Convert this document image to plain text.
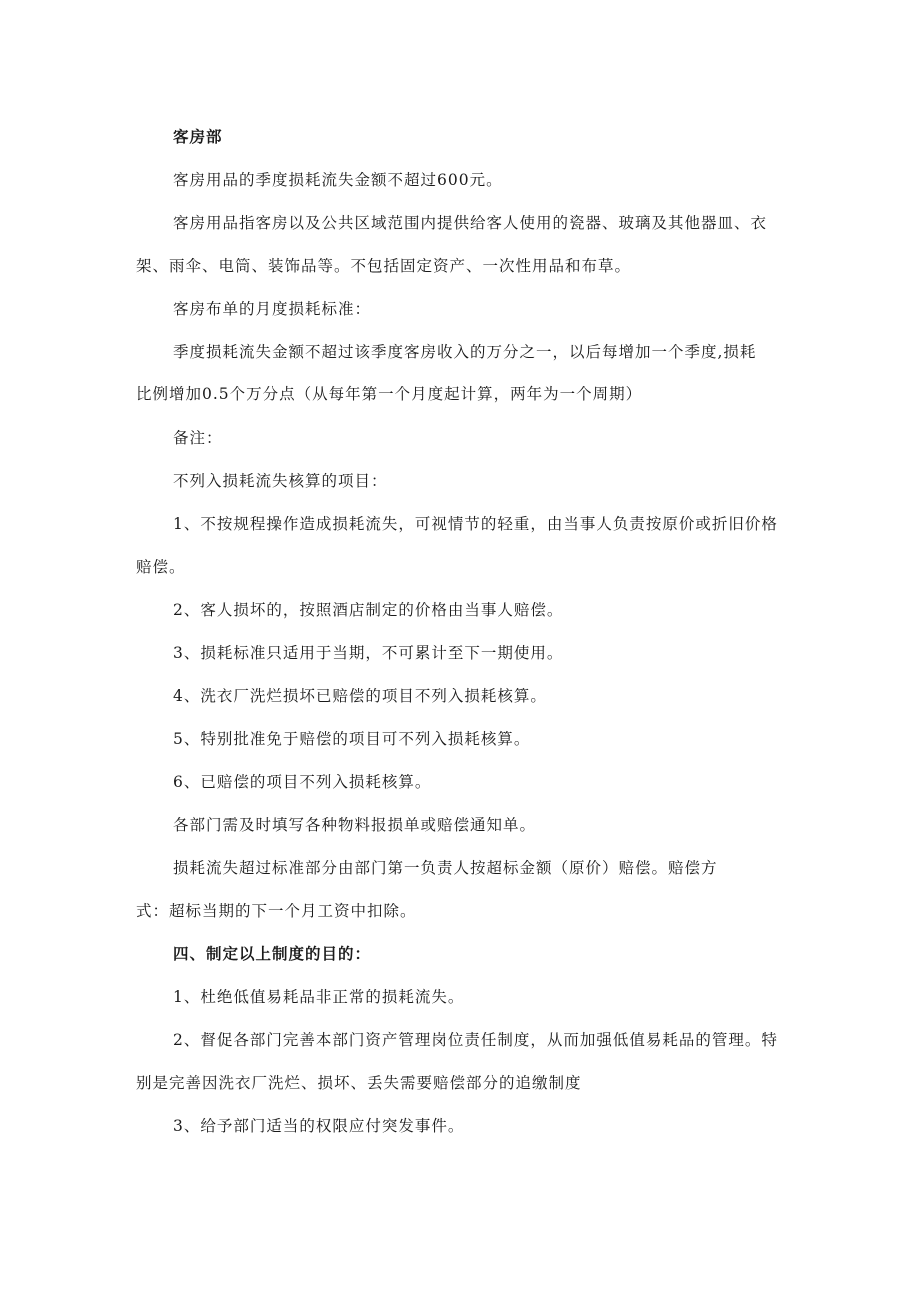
客房部
客房用品的季度损耗流失金额不超过600元。
客房用品指客房以及公共区域范围内提供给客人使用的瓷器、玻璃及其他器皿、衣
架、雨伞、电筒、装饰品等。不包括固定资产、一次性用品和布草。
客房布单的月度损耗标准：
季度损耗流失金额不超过该季度客房收入的万分之一，以后每增加一个季度,损耗
比例增加0.5个万分点（从每年第一个月度起计算，两年为一个周期）
备注：
不列入损耗流失核算的项目：
1、不按规程操作造成损耗流失，可视情节的轻重，由当事人负责按原价或折旧价格
赔偿。
2、客人损坏的，按照酒店制定的价格由当事人赔偿。
3、损耗标准只适用于当期，不可累计至下一期使用。
4、洗衣厂洗烂损坏已赔偿的项目不列入损耗核算。
5、特别批准免于赔偿的项目可不列入损耗核算。
6、已赔偿的项目不列入损耗核算。
各部门需及时填写各种物料报损单或赔偿通知单。
损耗流失超过标准部分由部门第一负责人按超标金额（原价）赔偿。赔偿方
式：超标当期的下一个月工资中扣除。
四、制定以上制度的目的：
1、杜绝低值易耗品非正常的损耗流失。
2、督促各部门完善本部门资产管理岗位责任制度，从而加强低值易耗品的管理。特
别是完善因洗衣厂洗烂、损坏、丢失需要赔偿部分的追缴制度
3、给予部门适当的权限应付突发事件。
